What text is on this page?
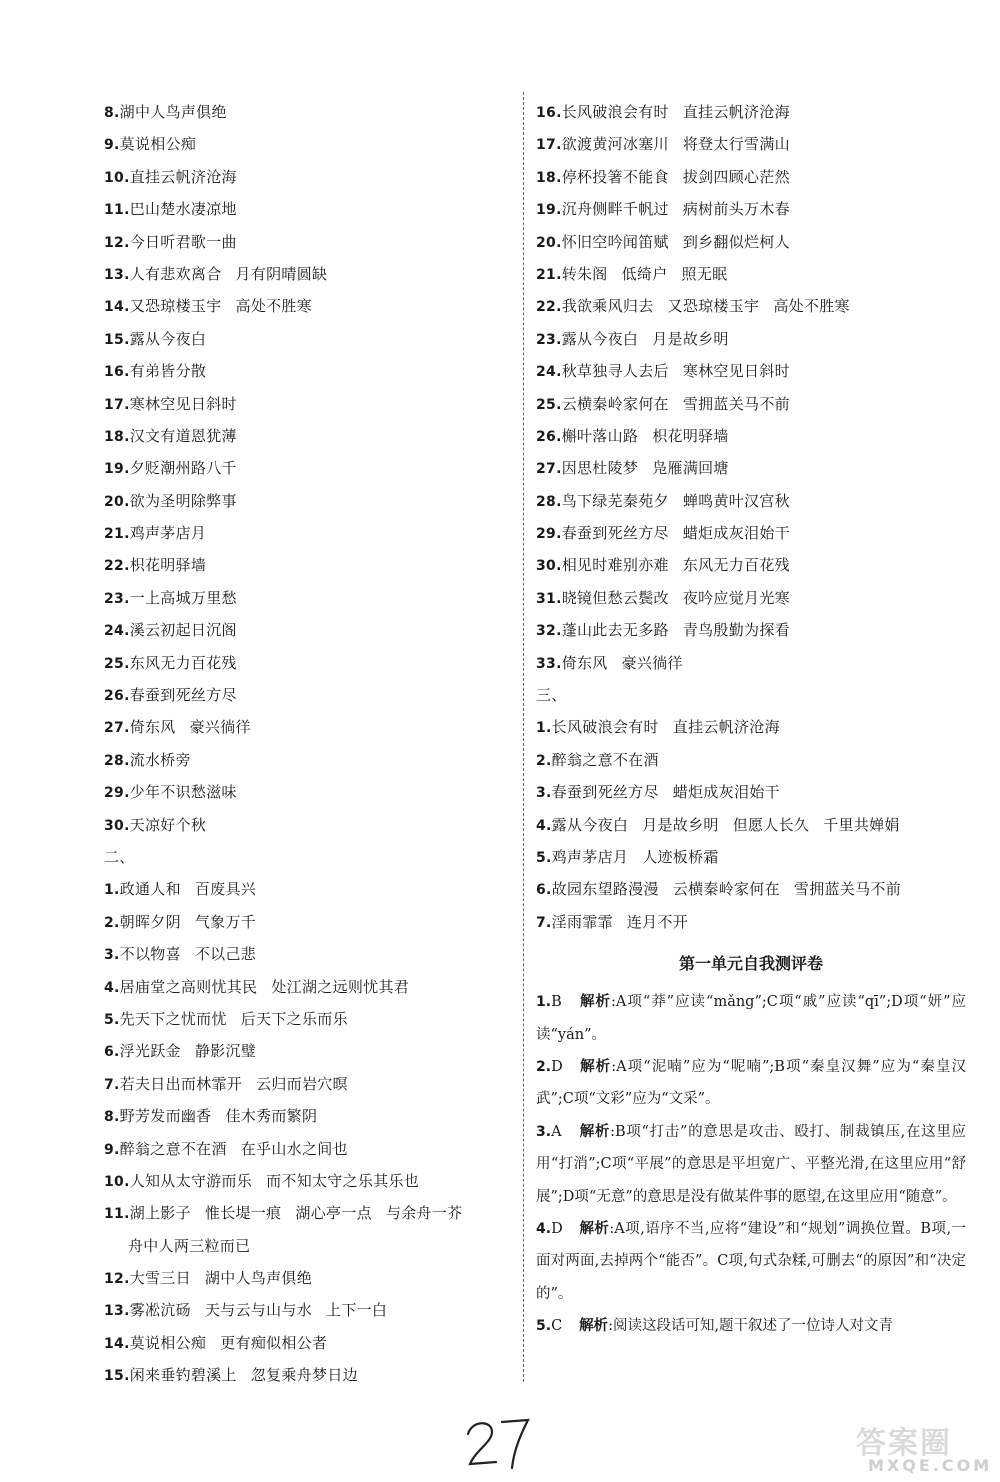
8.湖中人鸟声俱绝
9.莫说相公痴
10.直挂云帆济沧海
11.巴山楚水凄凉地
12.今日听君歌一曲
13.人有悲欢离合 月有阴晴圆缺
14.又恐琼楼玉宇 高处不胜寒
15.露从今夜白
16.有弟皆分散
17.寒林空见日斜时
18.汉文有道恩犹薄
19.夕贬潮州路八千
20.欲为圣明除弊事
21.鸡声茅店月
22.枳花明驿墙
23.一上高城万里愁
24.溪云初起日沉阁
25.东风无力百花残
26.春蚕到死丝方尽
27.倚东风 豪兴徜徉
28.流水桥旁
29.少年不识愁滋味
30.天凉好个秋
二、
1.政通人和 百废具兴
2.朝晖夕阴 气象万千
3.不以物喜 不以己悲
4.居庙堂之高则忧其民 处江湖之远则忧其君
5.先天下之忧而忧 后天下之乐而乐
6.浮光跃金 静影沉璧
7.若夫日出而林霏开 云归而岩穴暝
8.野芳发而幽香 佳木秀而繁阴
9.醉翁之意不在酒 在乎山水之间也
10.人知从太守游而乐 而不知太守之乐其乐也
11.湖上影子 惟长堤一痕 湖心亭一点 与余舟一芥
舟中人两三粒而已
12.大雪三日 湖中人鸟声俱绝
13.雾凇沆砀 天与云与山与水 上下一白
14.莫说相公痴 更有痴似相公者
15.闲来垂钓碧溪上 忽复乘舟梦日边
16.长风破浪会有时 直挂云帆济沧海
17.欲渡黄河冰塞川 将登太行雪满山
18.停杯投箸不能食 拔剑四顾心茫然
19.沉舟侧畔千帆过 病树前头万木春
20.怀旧空吟闻笛赋 到乡翻似烂柯人
21.转朱阁 低绮户 照无眠
22.我欲乘风归去 又恐琼楼玉宇 高处不胜寒
23.露从今夜白 月是故乡明
24.秋草独寻人去后 寒林空见日斜时
25.云横秦岭家何在 雪拥蓝关马不前
26.槲叶落山路 枳花明驿墙
27.因思杜陵梦 凫雁满回塘
28.鸟下绿芜秦苑夕 蝉鸣黄叶汉宫秋
29.春蚕到死丝方尽 蜡炬成灰泪始干
30.相见时难别亦难 东风无力百花残
31.晓镜但愁云鬓改 夜吟应觉月光寒
32.蓬山此去无多路 青鸟殷勤为探看
33.倚东风 豪兴徜徉
三、
1.长风破浪会有时 直挂云帆济沧海
2.醉翁之意不在酒
3.春蚕到死丝方尽 蜡炬成灰泪始干
4.露从今夜白 月是故乡明 但愿人长久 千里共婵娟
5.鸡声茅店月 人迹板桥霜
6.故园东望路漫漫 云横秦岭家何在 雪拥蓝关马不前
7.淫雨霏霏 连月不开
第一单元自我测评卷
1.B 解析:A项“莽”应读“mǎng”;C项“戚”应读“qī”;D项“妍”应读“yán”。
2.D 解析:A项“泥喃”应为“呢喃”;B项“秦皇汉舞”应为“秦皇汉武”;C项“文彩”应为“文采”。
3.A 解析:B项“打击”的意思是攻击、殴打、制裁镇压,在这里应用“打消”;C项“平展”的意思是平坦宽广、平整光滑,在这里应用“舒展”;D项“无意”的意思是没有做某件事的愿望,在这里应用“随意”。
4.D 解析:A项,语序不当,应将“建设”和“规划”调换位置。B项,一面对两面,去掉两个“能否”。C项,句式杂糅,可删去“的原因”和“决定的”。
5.C 解析:阅读这段话可知,题干叙述了一位诗人对文青
答案圈
MXQE.COM
